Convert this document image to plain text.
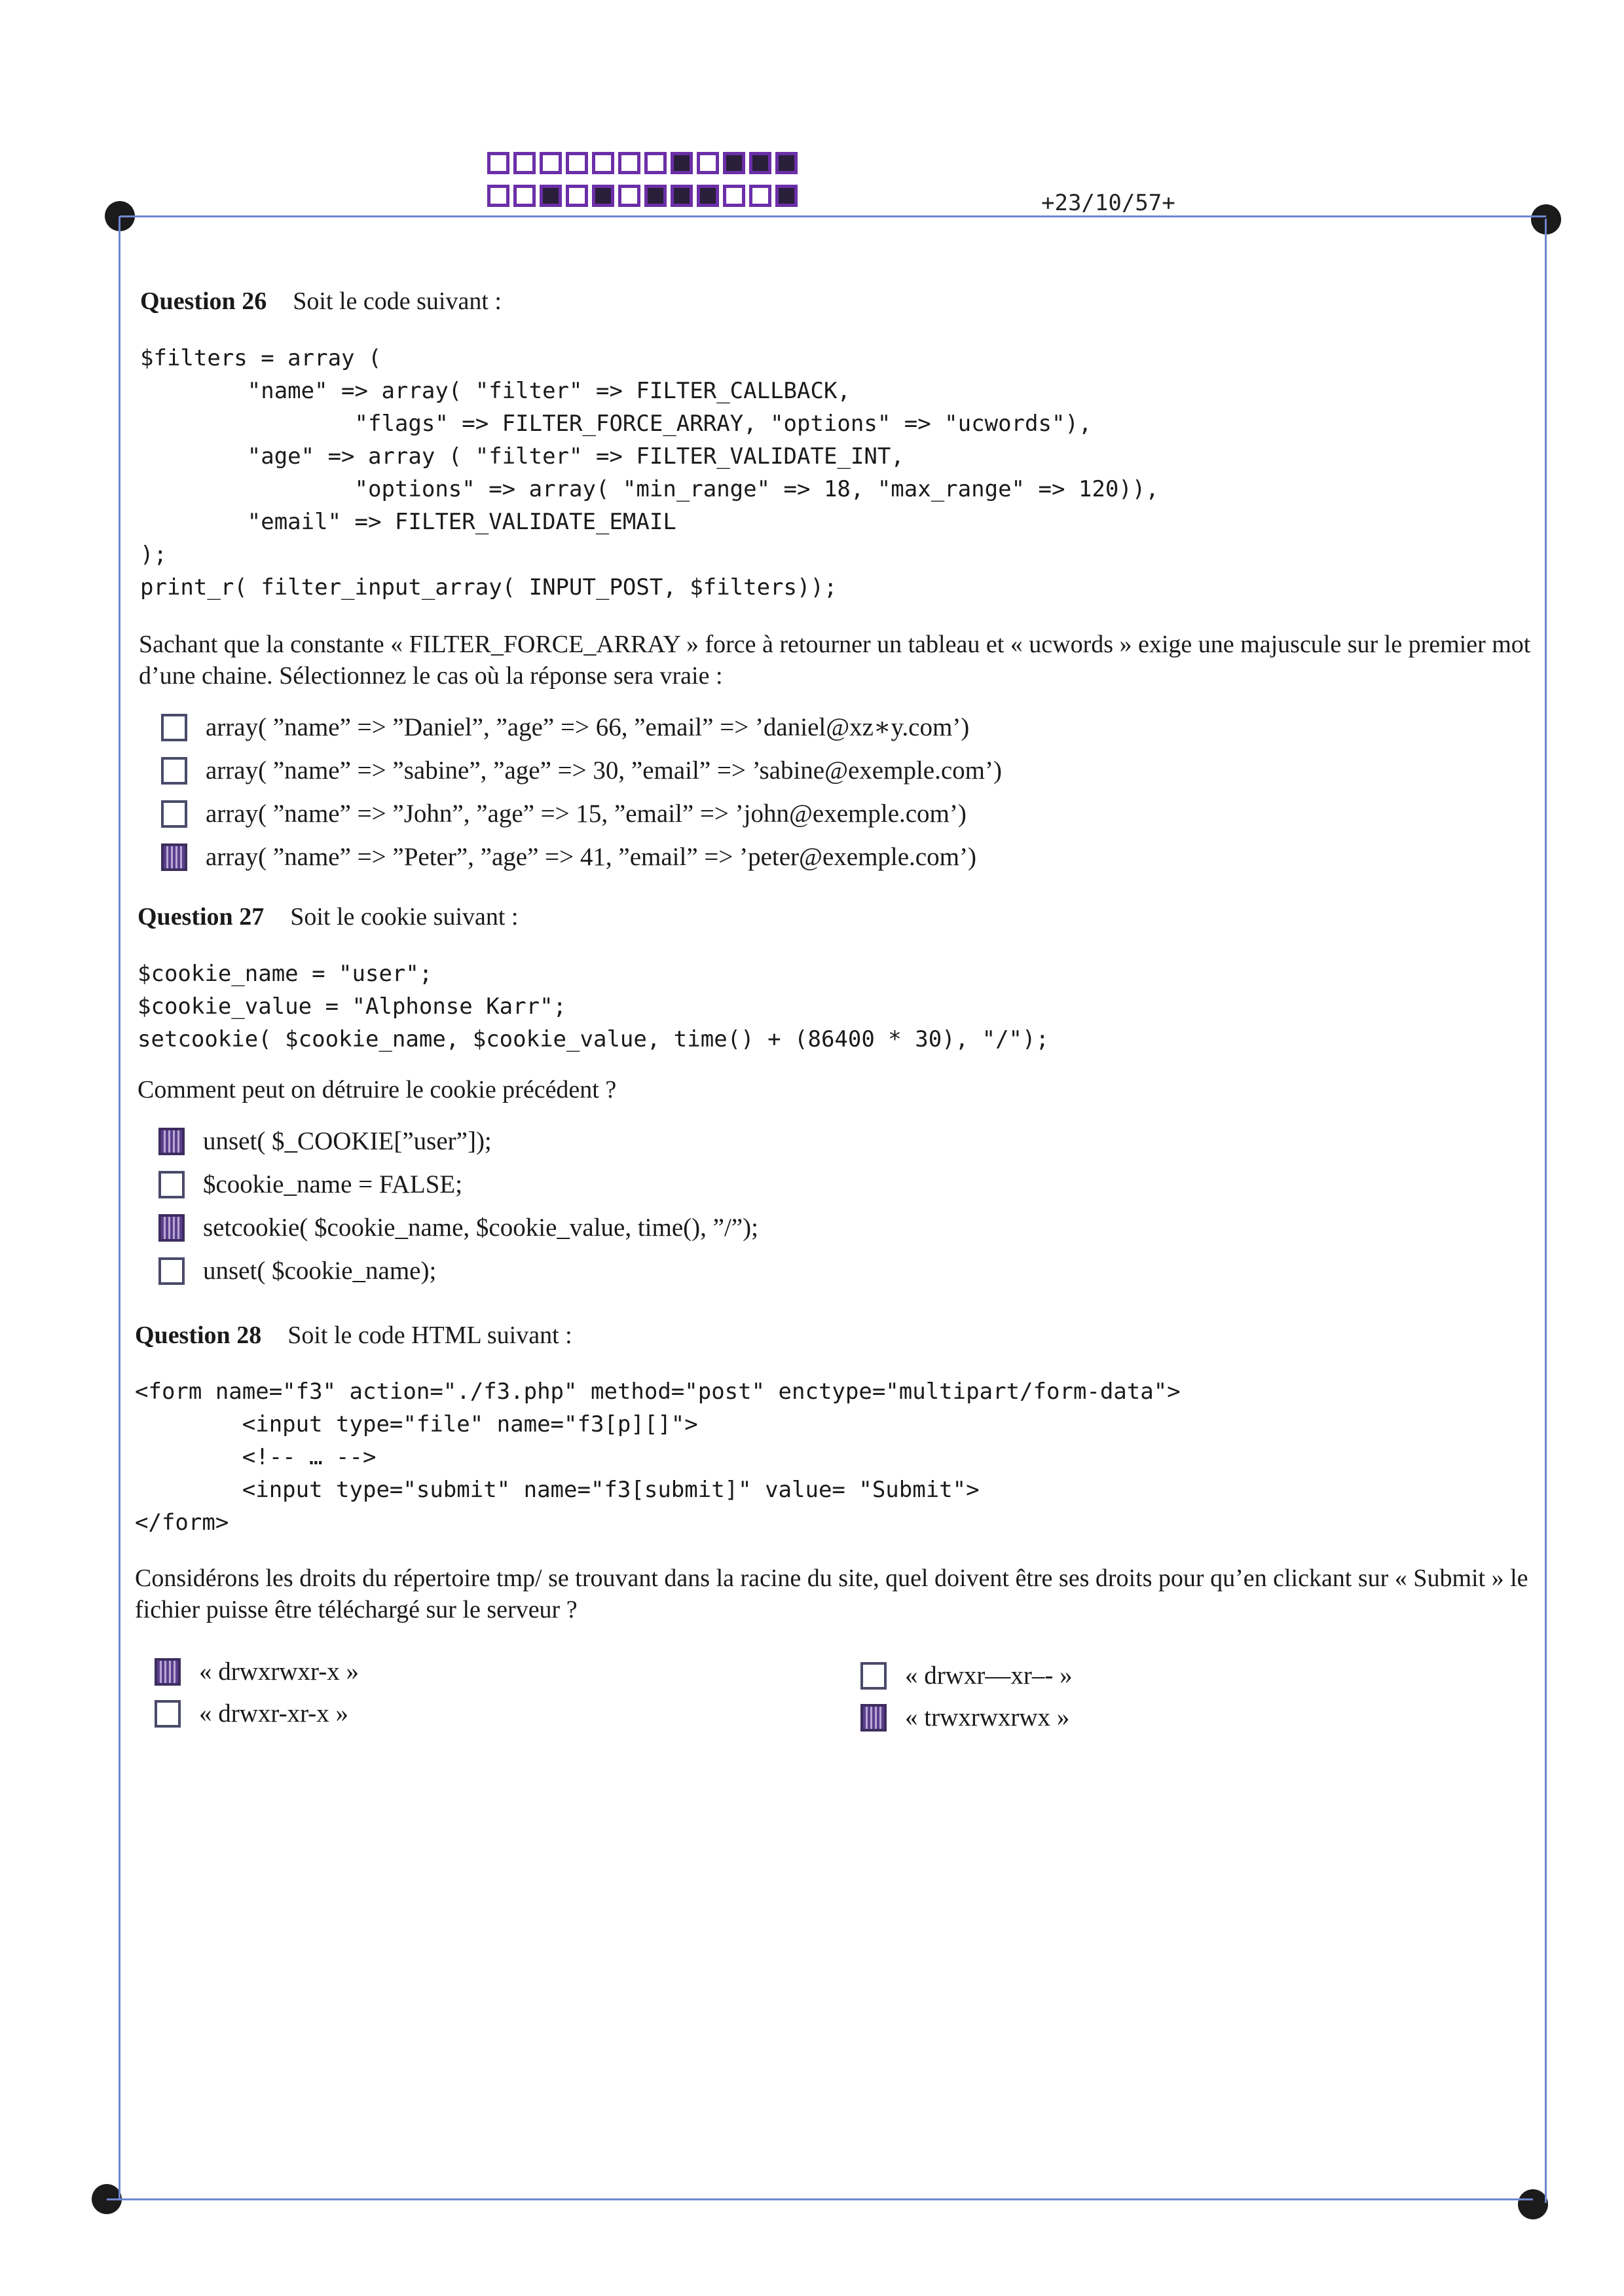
+23/10/57+
Question 26 Soit le code suivant :
$filters = array (
"name" => array( "filter" => FILTER_CALLBACK,
"flags" => FILTER_FORCE_ARRAY, "options" => "ucwords"),
"age" => array ( "filter" => FILTER_VALIDATE_INT,
"options" => array( "min_range" => 18, "max_range" => 120)),
"email" => FILTER_VALIDATE_EMAIL
);
print_r( filter_input_array( INPUT_POST, $filters));
Sachant que la constante « FILTER_FORCE_ARRAY » force à retourner un tableau et « ucwords » exige une majuscule sur le premier mot d’une chaine. Sélectionnez le cas où la réponse sera vraie :
array( ”name” => ”Daniel”, ”age” => 66, ”email” => ’daniel@xz∗y.com’)
array( ”name” => ”sabine”, ”age” => 30, ”email” => ’sabine@exemple.com’)
array( ”name” => ”John”, ”age” => 15, ”email” => ’john@exemple.com’)
array( ”name” => ”Peter”, ”age” => 41, ”email” => ’peter@exemple.com’)
Question 27 Soit le cookie suivant :
$cookie_name = "user";
$cookie_value = "Alphonse Karr";
setcookie( $cookie_name, $cookie_value, time() + (86400 * 30), "/");
Comment peut on détruire le cookie précédent ?
unset( $_COOKIE[”user”]);
$cookie_name = FALSE;
setcookie( $cookie_name, $cookie_value, time(), ”/”);
unset( $cookie_name);
Question 28 Soit le code HTML suivant :
<form name="f3" action="./f3.php" method="post" enctype="multipart/form-data">
<input type="file" name="f3[p][]">
<!-- … -->
<input type="submit" name="f3[submit]" value= "Submit">
</form>
Considérons les droits du répertoire tmp/ se trouvant dans la racine du site, quel doivent être ses droits pour qu’en clickant sur « Submit » le fichier puisse être téléchargé sur le serveur ?
« drwxrwxr-x »	« drwxr—xr–- »
« drwxr-xr-x »	« trwxrwxrwx »
